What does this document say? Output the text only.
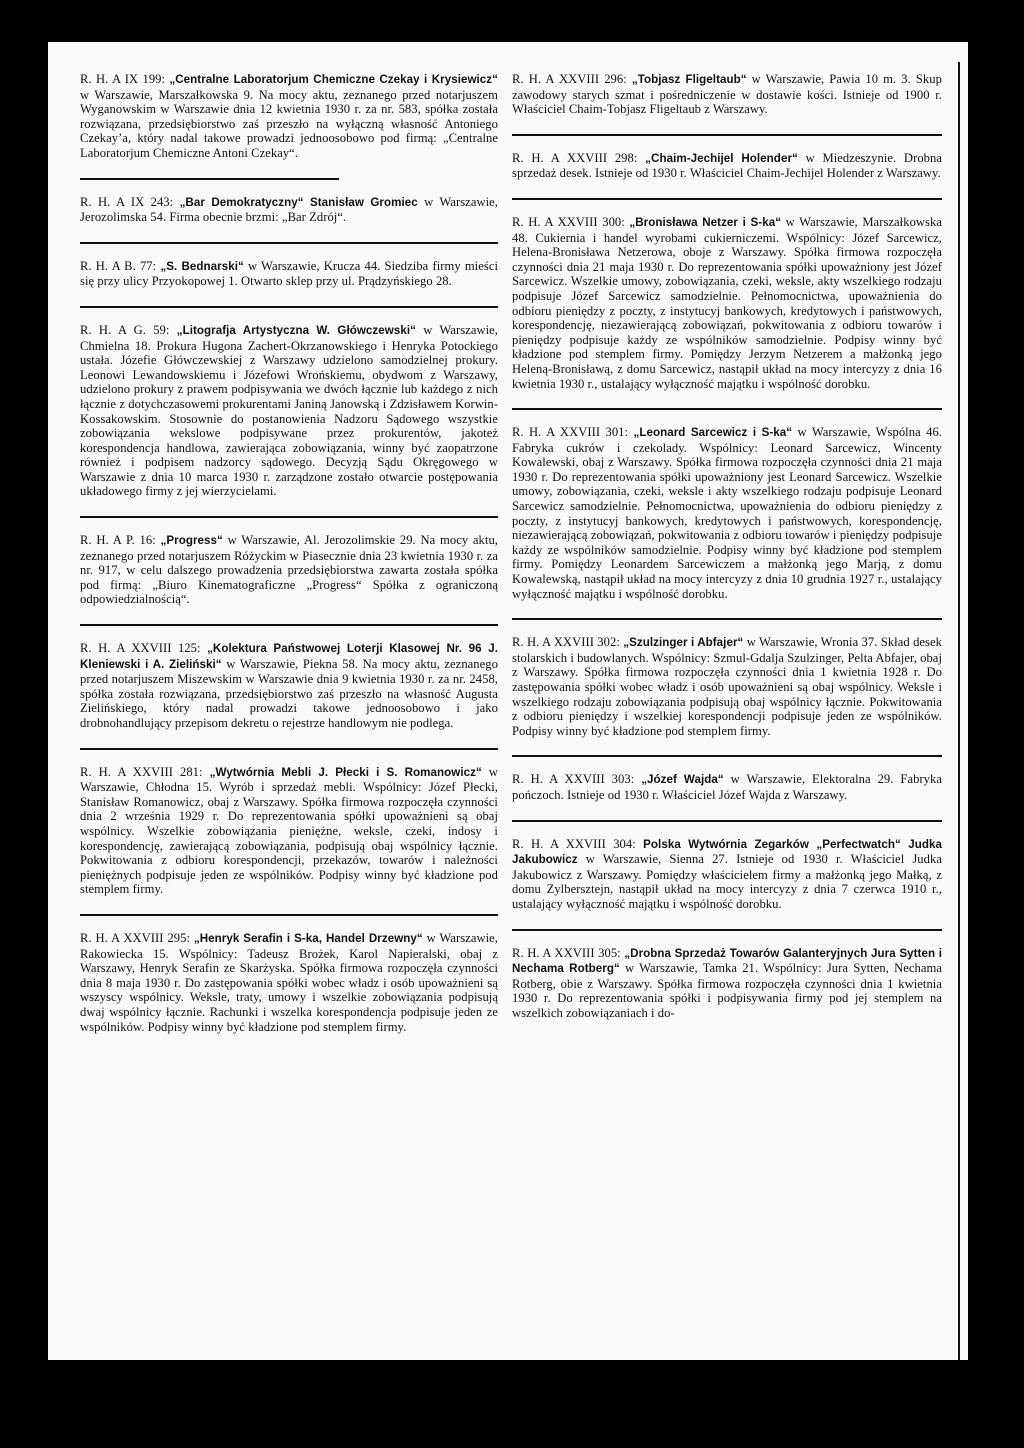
R. H. A IX 199: „Centralne Laboratorjum Chemiczne Czekay i Krysiewicz“ w Warszawie, Marszałkowska 9. Na mocy aktu, zeznanego przed notarjuszem Wyganowskim w Warszawie dnia 12 kwietnia 1930 r. za nr. 583, spółka została rozwiązana, przedsiębiorstwo zaś przeszło na wyłączną własność Antoniego Czekay’a, który nadal takowe prowadzi jednoosobowo pod firmą: „Centralne Laboratorjum Chemiczne Antoni Czekay“.

R. H. A IX 243: „Bar Demokratyczny“ Stanisław Gromiec w Warszawie, Jerozolimska 54. Firma obecnie brzmi: „Bar Zdrój“.

R. H. A B. 77: „S. Bednarski“ w Warszawie, Krucza 44. Siedziba firmy mieści się przy ulicy Przyokopowej 1. Otwarto sklep przy ul. Prądzyńskiego 28.

R. H. A G. 59: „Litografja Artystyczna W. Główczewski“ w Warszawie, Chmielna 18. Prokura Hugona Zachert-Okrzanowskiego i Henryka Potockiego ustała. Józefie Główczewskiej z Warszawy udzielono samodzielnej prokury. Leonowi Lewandowskiemu i Józefowi Wrońskiemu, obydwom z Warszawy, udzielono prokury z prawem podpisywania we dwóch łącznie lub każdego z nich łącznie z dotychczasowemi prokurentami Janiną Janowską i Zdzisławem Korwin-Kossakowskim. Stosownie do postanowienia Nadzoru Sądowego wszystkie zobowiązania wekslowe podpisywane przez prokurentów, jakoteż korespondencja handlowa, zawierająca zobowiązania, winny być zaopatrzone również i podpisem nadzorcy sądowego. Decyzją Sądu Okręgowego w Warszawie z dnia 10 marca 1930 r. zarządzone zostało otwarcie postępowania układowego firmy z jej wierzycielami.

R. H. A P. 16: „Progress“ w Warszawie, Al. Jerozolimskie 29. Na mocy aktu, zeznanego przed notarjuszem Różyckim w Piasecznie dnia 23 kwietnia 1930 r. za nr. 917, w celu dalszego prowadzenia przedsiębiorstwa zawarta została spółka pod firmą: „Biuro Kinematograficzne „Progress“ Spółka z ograniczoną odpowiedzialnością“.

R. H. A XXVIII 125: „Kolektura Państwowej Loterji Klasowej Nr. 96 J. Kleniewski i A. Zieliński“ w Warszawie, Piekna 58. Na mocy aktu, zeznanego przed notarjuszem Miszewskim w Warszawie dnia 9 kwietnia 1930 r. za nr. 2458, spółka została rozwiązana, przedsiębiorstwo zaś przeszło na własność Augusta Zielińskiego, który nadal prowadzi takowe jednoosobowo i jako drobnohandlujący przepisom dekretu o rejestrze handlowym nie podlega.

R. H. A XXVIII 281: „Wytwórnia Mebli J. Płecki i S. Romanowicz“ w Warszawie, Chłodna 15. Wyrób i sprzedaż mebli. Wspólnicy: Józef Płecki, Stanisław Romanowicz, obaj z Warszawy. Spółka firmowa rozpoczęła czynności dnia 2 września 1929 r. Do reprezentowania spółki upoważnieni są obaj wspólnicy. Wszelkie zobowiązania pieniężne, weksle, czeki, indosy i korespondencję, zawierającą zobowiązania, podpisują obaj wspólnicy łącznie. Pokwitowania z odbioru korespondencji, przekazów, towarów i należności pieniężnych podpisuje jeden ze wspólników. Podpisy winny być kładzione pod stemplem firmy.

R. H. A XXVIII 295: „Henryk Serafin i S-ka, Handel Drzewny“ w Warszawie, Rakowiecka 15. Wspólnicy: Tadeusz Brożek, Karol Napieralski, obaj z Warszawy, Henryk Serafin ze Skarżyska. Spółka firmowa rozpoczęła czynności dnia 8 maja 1930 r. Do zastępowania spółki wobec władz i osób upoważnieni są wszyscy wspólnicy. Weksle, traty, umowy i wszelkie zobowiązania podpisują dwaj wspólnicy łącznie. Rachunki i wszelka korespondencja podpisuje jeden ze wspólników. Podpisy winny być kładzione pod stemplem firmy.

R. H. A XXVIII 296: „Tobjasz Fligeltaub“ w Warszawie, Pawia 10 m. 3. Skup zawodowy starych szmat i pośredniczenie w dostawie kości. Istnieje od 1900 r. Właściciel Chaim-Tobjasz Fligeltaub z Warszawy.

R. H. A XXVIII 298: „Chaim-Jechijel Holender“ w Miedzeszynie. Drobna sprzedaż desek. Istnieje od 1930 r. Właściciel Chaim-Jechijel Holender z Warszawy.

R. H. A XXVIII 300: „Bronisława Netzer i S-ka“ w Warszawie, Marszałkowska 48. Cukiernia i handel wyrobami cukierniczemi. Wspólnicy: Józef Sarcewicz, Helena-Bronisława Netzerowa, oboje z Warszawy. Spółka firmowa rozpoczęła czynności dnia 21 maja 1930 r. Do reprezentowania spółki upoważniony jest Józef Sarcewicz. Wszelkie umowy, zobowiązania, czeki, weksle, akty wszelkiego rodzaju podpisuje Józef Sarcewicz samodzielnie. Pełnomocnictwa, upoważnienia do odbioru pieniędzy z poczty, z instytucyj bankowych, kredytowych i państwowych, korespondencję, niezawierającą zobowiązań, pokwitowania z odbioru towarów i pieniędzy podpisuje każdy ze wspólników samodzielnie. Podpisy winny być kładzione pod stemplem firmy. Pomiędzy Jerzym Netzerem a małżonką jego Heleną-Bronisławą, z domu Sarcewicz, nastąpił układ na mocy intercyzy z dnia 16 kwietnia 1930 r., ustalający wyłączność majątku i wspólność dorobku.

R. H. A XXVIII 301: „Leonard Sarcewicz i S-ka“ w Warszawie, Wspólna 46. Fabryka cukrów i czekolady. Wspólnicy: Leonard Sarcewicz, Wincenty Kowalewski, obaj z Warszawy. Spółka firmowa rozpoczęła czynności dnia 21 maja 1930 r. Do reprezentowania spółki upoważniony jest Leonard Sarcewicz. Wszelkie umowy, zobowiązania, czeki, weksle i akty wszelkiego rodzaju podpisuje Leonard Sarcewicz samodzielnie. Pełnomocnictwa, upoważnienia do odbioru pieniędzy z poczty, z instytucyj bankowych, kredytowych i państwowych, korespondencję, niezawierającą zobowiązań, pokwitowania z odbioru towarów i pieniędzy podpisuje każdy ze wspólników samodzielnie. Podpisy winny być kładzione pod stemplem firmy. Pomiędzy Leonardem Sarcewiczem a małżonką jego Marją, z domu Kowalewską, nastąpił układ na mocy intercyzy z dnia 10 grudnia 1927 r., ustalający wyłączność majątku i wspólność dorobku.

R. H. A XXVIII 302: „Szulzinger i Abfajer“ w Warszawie, Wronia 37. Skład desek stolarskich i budowlanych. Wspólnicy: Szmul-Gdalja Szulzinger, Pelta Abfajer, obaj z Warszawy. Spółka firmowa rozpoczęła czynności dnia 1 kwietnia 1928 r. Do zastępowania spółki wobec władz i osób upoważnieni są obaj wspólnicy. Weksle i wszelkiego rodzaju zobowiązania podpisują obaj wspólnicy łącznie. Pokwitowania z odbioru pieniędzy i wszelkiej korespondencji podpisuje jeden ze wspólników. Podpisy winny być kładzione pod stemplem firmy.

R. H. A XXVIII 303: „Józef Wajda“ w Warszawie, Elektoralna 29. Fabryka pończoch. Istnieje od 1930 r. Właściciel Józef Wajda z Warszawy.

R. H. A XXVIII 304: Polska Wytwórnia Zegarków „Perfectwatch“ Judka Jakubowicz w Warszawie, Sienna 27. Istnieje od 1930 r. Właściciel Judka Jakubowicz z Warszawy. Pomiędzy właścicielem firmy a małżonką jego Małką, z domu Zylbersztejn, nastąpił układ na mocy intercyzy z dnia 7 czerwca 1910 r., ustalający wyłączność majątku i wspólność dorobku.

R. H. A XXVIII 305: „Drobna Sprzedaż Towarów Galanteryjnych Jura Sytten i Nechama Rotberg“ w Warszawie, Tamka 21. Wspólnicy: Jura Sytten, Nechama Rotberg, obie z Warszawy. Spółka firmowa rozpoczęła czynności dnia 1 kwietnia 1930 r. Do reprezentowania spółki i podpisywania firmy pod jej stemplem na wszelkich zobowiązaniach i do-

V
